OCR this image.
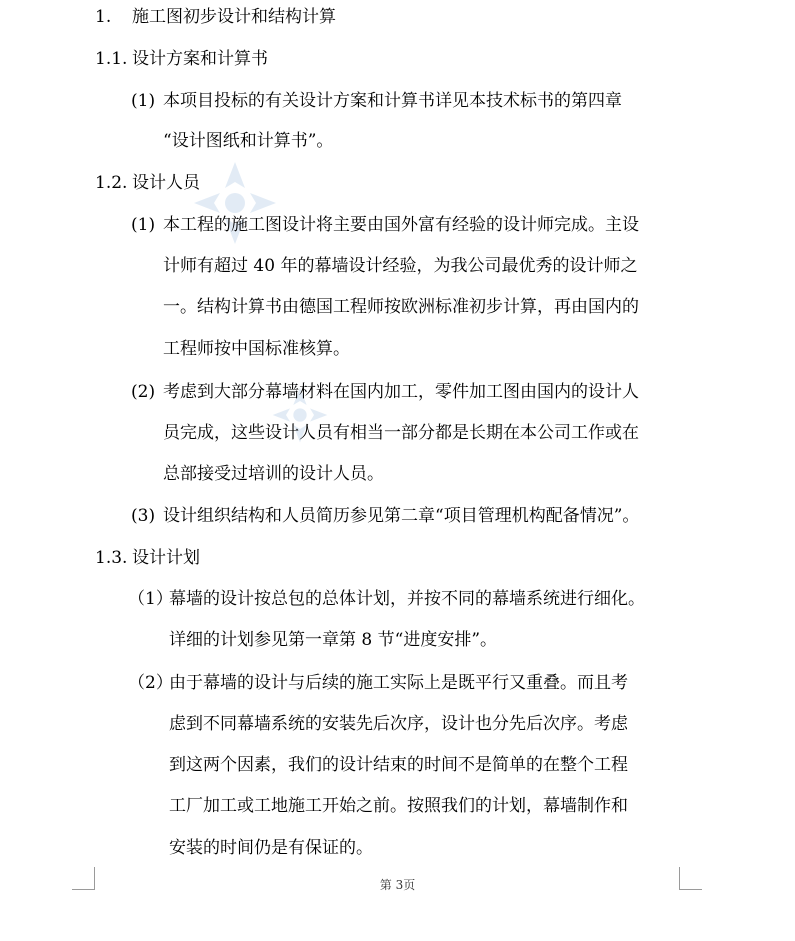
1. 施工图初步设计和结构计算
1.1. 设计方案和计算书
(1) 本项目投标的有关设计方案和计算书详见本技术标书的第四章
“设计图纸和计算书”。
1.2. 设计人员
(1) 本工程的施工图设计将主要由国外富有经验的设计师完成。主设
计师有超过 40 年的幕墙设计经验，为我公司最优秀的设计师之
一。结构计算书由德国工程师按欧洲标准初步计算，再由国内的
工程师按中国标准核算。
(2) 考虑到大部分幕墙材料在国内加工，零件加工图由国内的设计人
员完成，这些设计人员有相当一部分都是长期在本公司工作或在
总部接受过培训的设计人员。
(3) 设计组织结构和人员简历参见第二章“项目管理机构配备情况”。
1.3. 设计计划
（1）
幕墙的设计按总包的总体计划，并按不同的幕墙系统进行细化。
详细的计划参见第一章第 8 节“进度安排”。
（2）
由于幕墙的设计与后续的施工实际上是既平行又重叠。而且考
虑到不同幕墙系统的安装先后次序，设计也分先后次序。考虑
到这两个因素，我们的设计结束的时间不是简单的在整个工程
工厂加工或工地施工开始之前。按照我们的计划，幕墙制作和
安装的时间仍是有保证的。
第 3页
